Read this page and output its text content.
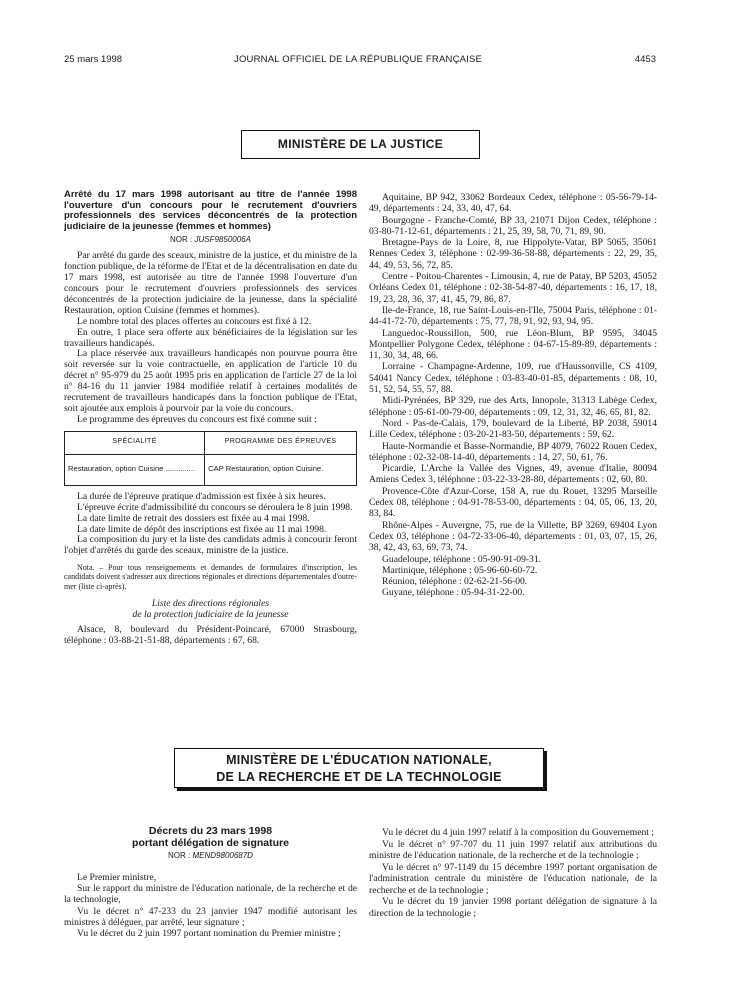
25 mars 1998	JOURNAL OFFICIEL DE LA RÉPUBLIQUE FRANÇAISE	4453
MINISTÈRE DE LA JUSTICE
Arrêté du 17 mars 1998 autorisant au titre de l'année 1998 l'ouverture d'un concours pour le recrutement d'ouvriers professionnels des services déconcentrés de la protection judiciaire de la jeunesse (femmes et hommes)
NOR : JUSF9850006A

Par arrêté du garde des sceaux, ministre de la justice, et du ministre de la fonction publique, de la réforme de l'Etat et de la décentralisation en date du 17 mars 1998, est autorisée au titre de l'année 1998 l'ouverture d'un concours pour le recrutement d'ouvriers professionnels des services déconcentrés de la protection judiciaire de la jeunesse, dans la spécialité Restauration, option Cuisine (femmes et hommes).

Le nombre total des places offertes au concours est fixé à 12.

En outre, 1 place sera offerte aux bénéficiaires de la législation sur les travailleurs handicapés.

La place réservée aux travailleurs handicapés non pourvue pourra être soit reversée sur la voie contractuelle, en application de l'article 10 du décret n° 95-979 du 25 août 1995 pris en application de l'article 27 de la loi n° 84-16 du 11 janvier 1984 modifiée relatif à certaines modalités de recrutement de travailleurs handicapés dans la fonction publique de l'Etat, soit ajoutée aux emplois à pourvoir par la voie du concours.

Le programme des épreuves du concours est fixé comme suit :

SPÉCIALITÉ	PROGRAMME DES ÉPREUVES
Restauration, option Cuisine ..............	CAP Restauration, option Cuisine.

La durée de l'épreuve pratique d'admission est fixée à six heures.

L'épreuve écrite d'admissibilité du concours se déroulera le 8 juin 1998.

La date limite de retrait des dossiers est fixée au 4 mai 1998.

La date limite de dépôt des inscriptions est fixée au 11 mai 1998.

La composition du jury et la liste des candidats admis à concourir feront l'objet d'arrêtés du garde des sceaux, ministre de la justice.

Nota. – Pour tous renseignements et demandes de formulaires d'inscription, les candidats doivent s'adresser aux directions régionales et directions départementales d'outre-mer (liste ci-après).

Liste des directions régionales
de la protection judiciaire de la jeunesse

Alsace, 8, boulevard du Président-Poincaré, 67000 Strasbourg, téléphone : 03-88-21-51-88, départements : 67, 68.

Aquitaine, BP 942, 33062 Bordeaux Cedex, téléphone : 05-56-79-14-49, départements : 24, 33, 40, 47, 64.

Bourgogne - Franche-Comté, BP 33, 21071 Dijon Cedex, téléphone : 03-80-71-12-61, départements : 21, 25, 39, 58, 70, 71, 89, 90.

Bretagne-Pays de la Loire, 8, rue Hippolyte-Vatar, BP 5065, 35061 Rennes Cedex 3, téléphone : 02-99-36-58-88, départements : 22, 29, 35, 44, 49, 53, 56, 72, 85.

Centre - Poitou-Charentes - Limousin, 4, rue de Patay, BP 5203, 45052 Orléans Cedex 01, téléphone : 02-38-54-87-40, départements : 16, 17, 18, 19, 23, 28, 36, 37, 41, 45, 79, 86, 87.

Ile-de-France, 18, rue Saint-Louis-en-l'Ile, 75004 Paris, téléphone : 01-44-41-72-70, départements : 75, 77, 78, 91, 92, 93, 94, 95.

Languedoc-Roussillon, 500, rue Léon-Blum, BP 9595, 34045 Montpellier Polygone Cedex, téléphone : 04-67-15-89-89, départements : 11, 30, 34, 48, 66.

Lorraine - Champagne-Ardenne, 109, rue d'Haussonville, CS 4109, 54041 Nancy Cedex, téléphone : 03-83-40-01-85, départements : 08, 10, 51, 52, 54, 55, 57, 88.

Midi-Pyrénées, BP 329, rue des Arts, Innopole, 31313 Labège Cedex, téléphone : 05-61-00-79-00, départements : 09, 12, 31, 32, 46, 65, 81, 82.

Nord - Pas-de-Calais, 179, boulevard de la Liberté, BP 2038, 59014 Lille Cedex, téléphone : 03-20-21-83-50, départements : 59, 62.

Haute-Normandie et Basse-Normandie, BP 4079, 76022 Rouen Cedex, téléphone : 02-32-08-14-40, départements : 14, 27, 50, 61, 76.

Picardie, L'Arche la Vallée des Vignes, 49, avenue d'Italie, 80094 Amiens Cedex 3, téléphone : 03-22-33-28-80, départements : 02, 60, 80.

Provence-Côte d'Azur-Corse, 158 A, rue du Rouet, 13295 Marseille Cedex 08, téléphone : 04-91-78-53-00, départements : 04, 05, 06, 13, 20, 83, 84.

Rhône-Alpes - Auvergne, 75, rue de la Villette, BP 3269, 69404 Lyon Cedex 03, téléphone : 04-72-33-06-40, départements : 01, 03, 07, 15, 26, 38, 42, 43, 63, 69, 73, 74.

Guadeloupe, téléphone : 05-90-91-09-31.

Martinique, téléphone : 05-96-60-60-72.

Réunion, téléphone : 02-62-21-56-00.

Guyane, téléphone : 05-94-31-22-00.

MINISTÈRE DE L'ÉDUCATION NATIONALE,
DE LA RECHERCHE ET DE LA TECHNOLOGIE
Décrets du 23 mars 1998
portant délégation de signature
NOR : MEND9800687D

Le Premier ministre,

Sur le rapport du ministre de l'éducation nationale, de la recherche et de la technologie,

Vu le décret n° 47-233 du 23 janvier 1947 modifié autorisant les ministres à déléguer, par arrêté, leur signature ;

Vu le décret du 2 juin 1997 portant nomination du Premier ministre ;

Vu le décret du 4 juin 1997 relatif à la composition du Gouvernement ;

Vu le décret n° 97-707 du 11 juin 1997 relatif aux attributions du ministre de l'éducation nationale, de la recherche et de la technologie ;

Vu le décret n° 97-1149 du 15 décembre 1997 portant organisation de l'administration centrale du ministère de l'éducation nationale, de la recherche et de la technologie ;

Vu le décret du 19 janvier 1998 portant délégation de signature à la direction de la technologie ;
